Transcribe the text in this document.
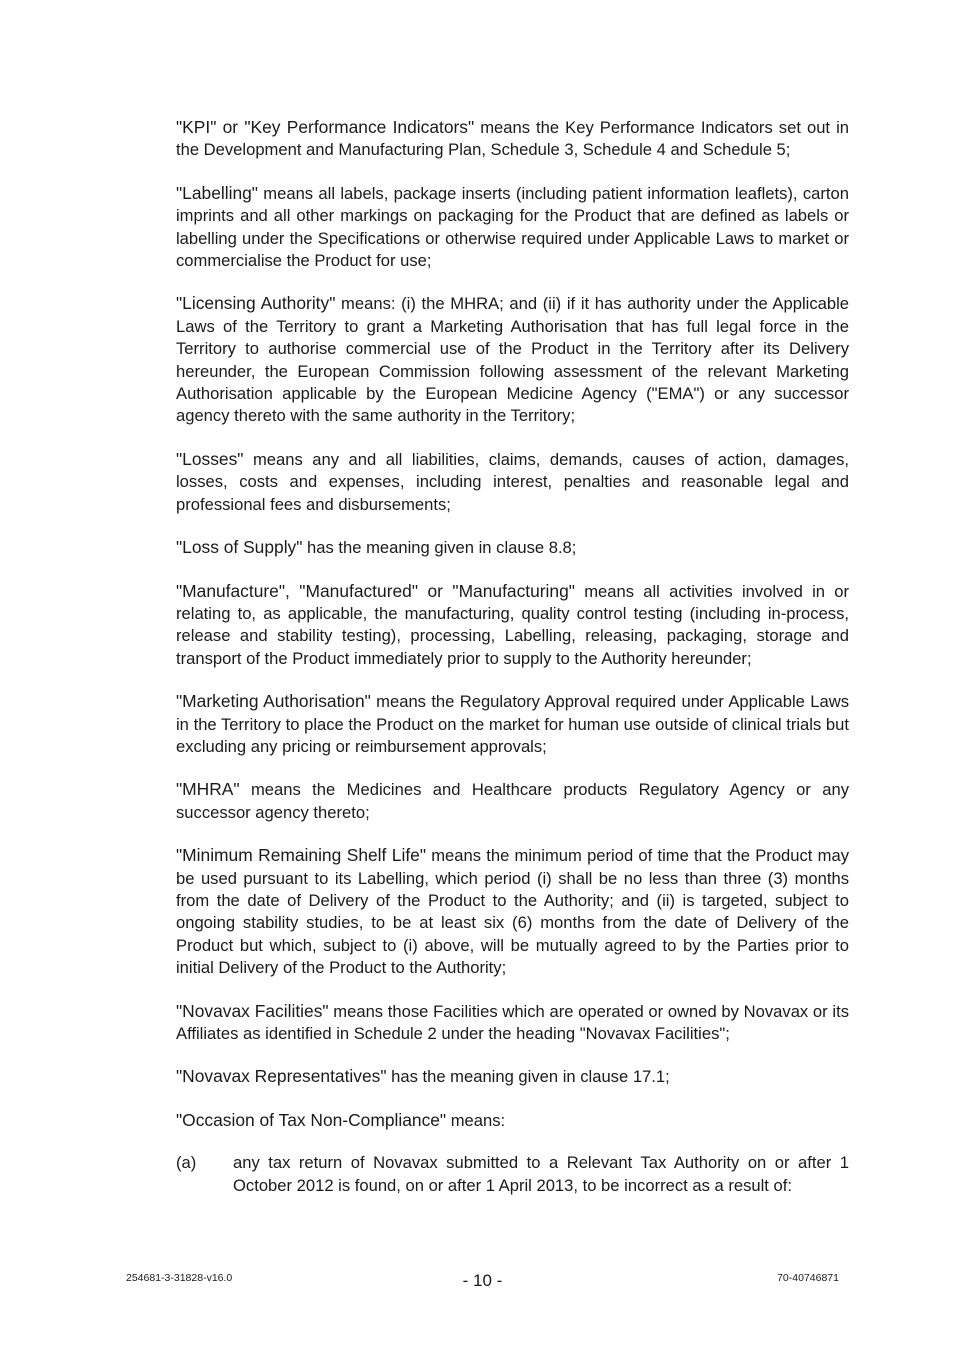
"KPI" or "Key Performance Indicators" means the Key Performance Indicators set out in the Development and Manufacturing Plan, Schedule 3, Schedule 4 and Schedule 5;

"Labelling" means all labels, package inserts (including patient information leaflets), carton imprints and all other markings on packaging for the Product that are defined as labels or labelling under the Specifications or otherwise required under Applicable Laws to market or commercialise the Product for use;

"Licensing Authority" means: (i) the MHRA; and (ii) if it has authority under the Applicable Laws of the Territory to grant a Marketing Authorisation that has full legal force in the Territory to authorise commercial use of the Product in the Territory after its Delivery hereunder, the European Commission following assessment of the relevant Marketing Authorisation applicable by the European Medicine Agency ("EMA") or any successor agency thereto with the same authority in the Territory;

"Losses" means any and all liabilities, claims, demands, causes of action, damages, losses, costs and expenses, including interest, penalties and reasonable legal and professional fees and disbursements;

"Loss of Supply" has the meaning given in clause 8.8;

"Manufacture", "Manufactured" or "Manufacturing" means all activities involved in or relating to, as applicable, the manufacturing, quality control testing (including in-process, release and stability testing), processing, Labelling, releasing, packaging, storage and transport of the Product immediately prior to supply to the Authority hereunder;

"Marketing Authorisation" means the Regulatory Approval required under Applicable Laws in the Territory to place the Product on the market for human use outside of clinical trials but excluding any pricing or reimbursement approvals;

"MHRA" means the Medicines and Healthcare products Regulatory Agency or any successor agency thereto;

"Minimum Remaining Shelf Life" means the minimum period of time that the Product may be used pursuant to its Labelling, which period (i) shall be no less than three (3) months from the date of Delivery of the Product to the Authority; and (ii) is targeted, subject to ongoing stability studies, to be at least six (6) months from the date of Delivery of the Product but which, subject to (i) above, will be mutually agreed to by the Parties prior to initial Delivery of the Product to the Authority;

"Novavax Facilities" means those Facilities which are operated or owned by Novavax or its Affiliates as identified in Schedule 2 under the heading "Novavax Facilities";

"Novavax Representatives" has the meaning given in clause 17.1;

"Occasion of Tax Non-Compliance" means:

(a)	any tax return of Novavax submitted to a Relevant Tax Authority on or after 1 October 2012 is found, on or after 1 April 2013, to be incorrect as a result of:
254681-3-31828-v16.0	- 10 -	70-40746871
